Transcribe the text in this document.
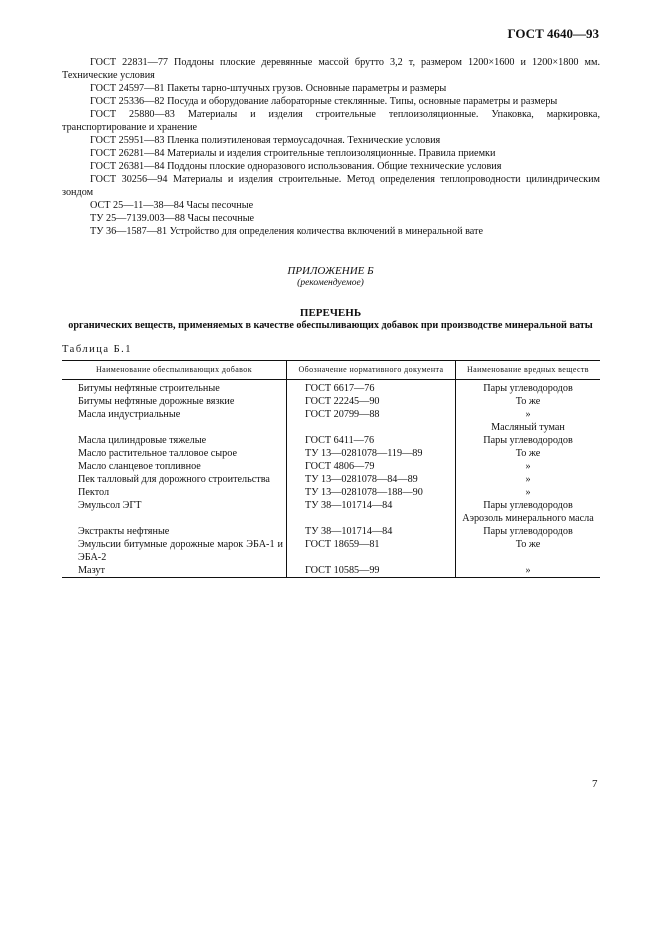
ГОСТ 4640—93

ГОСТ 22831—77 Поддоны плоские деревянные массой брутто 3,2 т, размером 1200×1600 и 1200×1800 мм. Технические условия

ГОСТ 24597—81 Пакеты тарно-штучных грузов. Основные параметры и размеры

ГОСТ 25336—82 Посуда и оборудование лабораторные стеклянные. Типы, основные параметры и размеры

ГОСТ 25880—83 Материалы и изделия строительные теплоизоляционные. Упаковка, маркировка, транспортирование и хранение

ГОСТ 25951—83 Пленка полиэтиленовая термоусадочная. Технические условия

ГОСТ 26281—84 Материалы и изделия строительные теплоизоляционные. Правила приемки

ГОСТ 26381—84 Поддоны плоские одноразового использования. Общие технические условия

ГОСТ 30256—94 Материалы и изделия строительные. Метод определения теплопроводности цилиндрическим зондом

ОСТ 25—11—38—84 Часы песочные

ТУ 25—7139.003—88 Часы песочные

ТУ 36—1587—81 Устройство для определения количества включений в минеральной вате

ПРИЛОЖЕНИЕ Б
(рекомендуемое)
ПЕРЕЧЕНЬ
органических веществ, применяемых в качестве обеспыливающих добавок при производстве минеральной ваты
Таблица Б.1
Наименование обеспыливающих добавок	Обозначение нормативного документа	Наименование вредных веществ
Битумы нефтяные строительные	ГОСТ 6617—76	Пары углеводородов

Битумы нефтяные дорожные вязкие	ГОСТ 22245—90	То же

Масла индустриальные	ГОСТ 20799—88	»
Масляный туман

Масла цилиндровые тяжелые	ГОСТ 6411—76	Пары углеводородов

Масло растительное талловое сырое	ТУ 13—0281078—119—89	То же

Масло сланцевое топливное	ГОСТ 4806—79	»

Пек талловый для дорожного строительства	ТУ 13—0281078—84—89	»

Пектол	ТУ 13—0281078—188—90	»

Эмульсол ЭГТ	ТУ 38—101714—84	Пары углеводородов
Аэрозоль минерального масла

Экстракты нефтяные	ТУ 38—101714—84	Пары углеводородов

Эмульсии битумные дорожные марок ЭБА-1 и ЭБА-2	ГОСТ 18659—81	То же

Мазут	ГОСТ 10585—99	»
7
